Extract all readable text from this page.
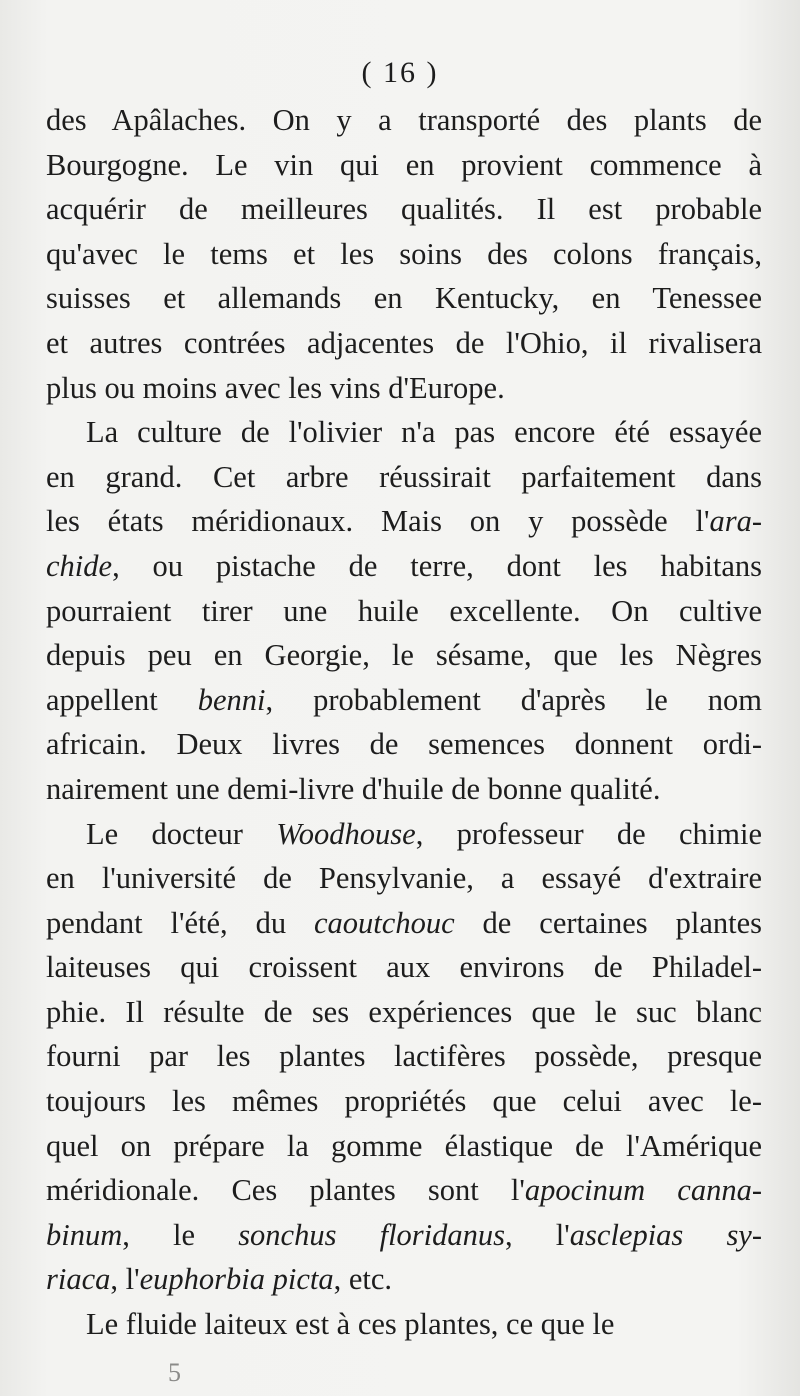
( 16 )
des Apâlaches. On y a transporté des plants de
Bourgogne. Le vin qui en provient commence à
acquérir de meilleures qualités. Il est probable
qu'avec le tems et les soins des colons français,
suisses et allemands en Kentucky, en Tenessee
et autres contrées adjacentes de l'Ohio, il rivalisera
plus ou moins avec les vins d'Europe.
La culture de l'olivier n'a pas encore été essayée
en grand. Cet arbre réussirait parfaitement dans
les états méridionaux. Mais on y possède l'ara-
chide, ou pistache de terre, dont les habitans
pourraient tirer une huile excellente. On cultive
depuis peu en Georgie, le sésame, que les Nègres
appellent benni, probablement d'après le nom
africain. Deux livres de semences donnent ordi-
nairement une demi-livre d'huile de bonne qualité.
Le docteur Woodhouse, professeur de chimie
en l'université de Pensylvanie, a essayé d'extraire
pendant l'été, du caoutchouc de certaines plantes
laiteuses qui croissent aux environs de Philadel-
phie. Il résulte de ses expériences que le suc blanc
fourni par les plantes lactifères possède, presque
toujours les mêmes propriétés que celui avec le-
quel on prépare la gomme élastique de l'Amérique
méridionale. Ces plantes sont l'apocinum canna-
binum, le sonchus floridanus, l'asclepias sy-
riaca, l'euphorbia picta, etc.
Le fluide laiteux est à ces plantes, ce que le
5
